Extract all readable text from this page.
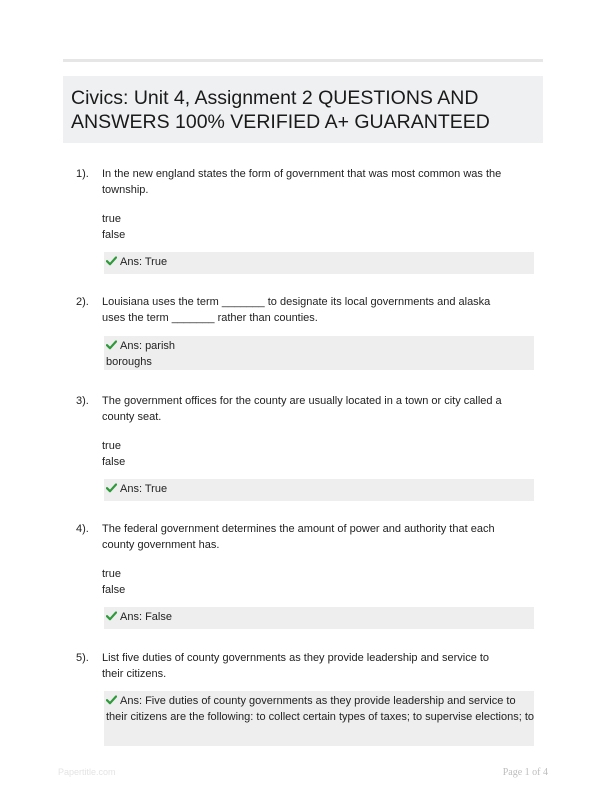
Civics: Unit 4, Assignment 2 QUESTIONS AND ANSWERS 100% VERIFIED A+ GUARANTEED
1). In the new england states the form of government that was most common was the township.

true
false
Ans: True
2). Louisiana uses the term _______ to designate its local governments and alaska uses the term _______ rather than counties.

Ans: parish
boroughs
3). The government offices for the county are usually located in a town or city called a county seat.

true
false
Ans: True
4). The federal government determines the amount of power and authority that each county government has.

true
false
Ans: False
5). List five duties of county governments as they provide leadership and service to their citizens.

Ans: Five duties of county governments as they provide leadership and service to their citizens are the following: to collect certain types of taxes; to supervise elections; to
Papertitle.com	Page 1 of 4
